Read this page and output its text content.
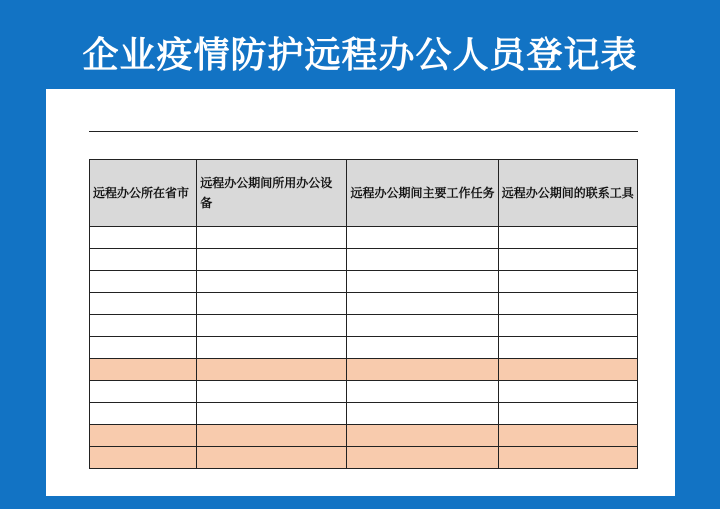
企业疫情防护远程办公人员登记表
远程办公所在省市	远程办公期间所用办公设备	远程办公期间主要工作任务	远程办公期间的联系工具
